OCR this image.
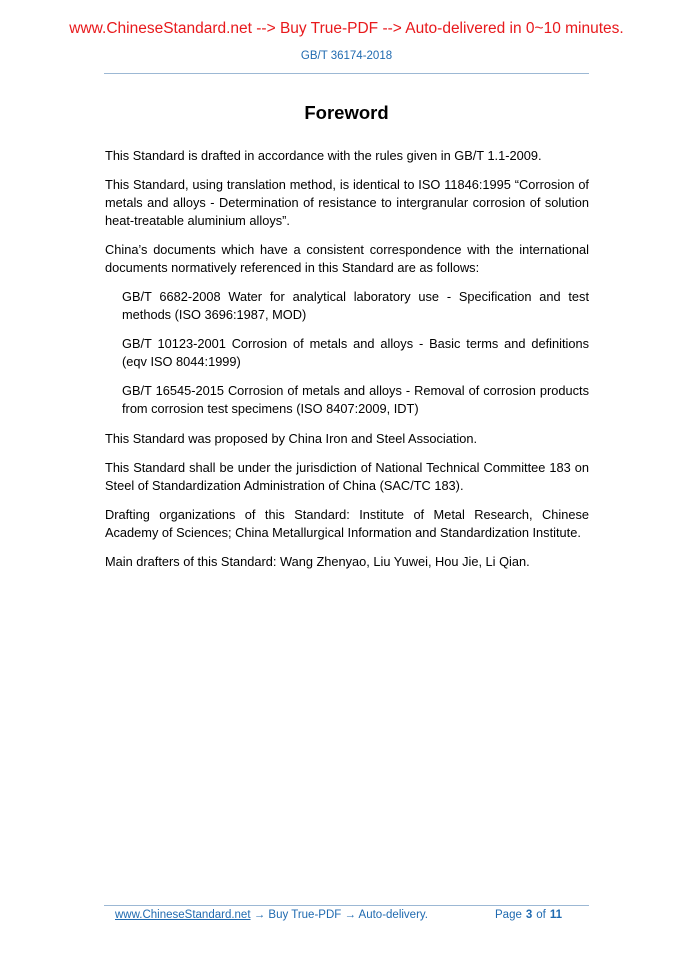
www.ChineseStandard.net --> Buy True-PDF --> Auto-delivered in 0~10 minutes.
GB/T 36174-2018
Foreword

This Standard is drafted in accordance with the rules given in GB/T 1.1-2009.

This Standard, using translation method, is identical to ISO 11846:1995 “Corrosion of metals and alloys - Determination of resistance to intergranular corrosion of solution heat-treatable aluminium alloys”.

China’s documents which have a consistent correspondence with the international documents normatively referenced in this Standard are as follows:

GB/T 6682-2008 Water for analytical laboratory use - Specification and test methods (ISO 3696:1987, MOD)

GB/T 10123-2001 Corrosion of metals and alloys - Basic terms and definitions (eqv ISO 8044:1999)

GB/T 16545-2015 Corrosion of metals and alloys - Removal of corrosion products from corrosion test specimens (ISO 8407:2009, IDT)

This Standard was proposed by China Iron and Steel Association.

This Standard shall be under the jurisdiction of National Technical Committee 183 on Steel of Standardization Administration of China (SAC/TC 183).

Drafting organizations of this Standard: Institute of Metal Research, Chinese Academy of Sciences; China Metallurgical Information and Standardization Institute.

Main drafters of this Standard: Wang Zhenyao, Liu Yuwei, Hou Jie, Li Qian.

www.ChineseStandard.net → Buy True-PDF → Auto-delivery.	Page 3 of 11
